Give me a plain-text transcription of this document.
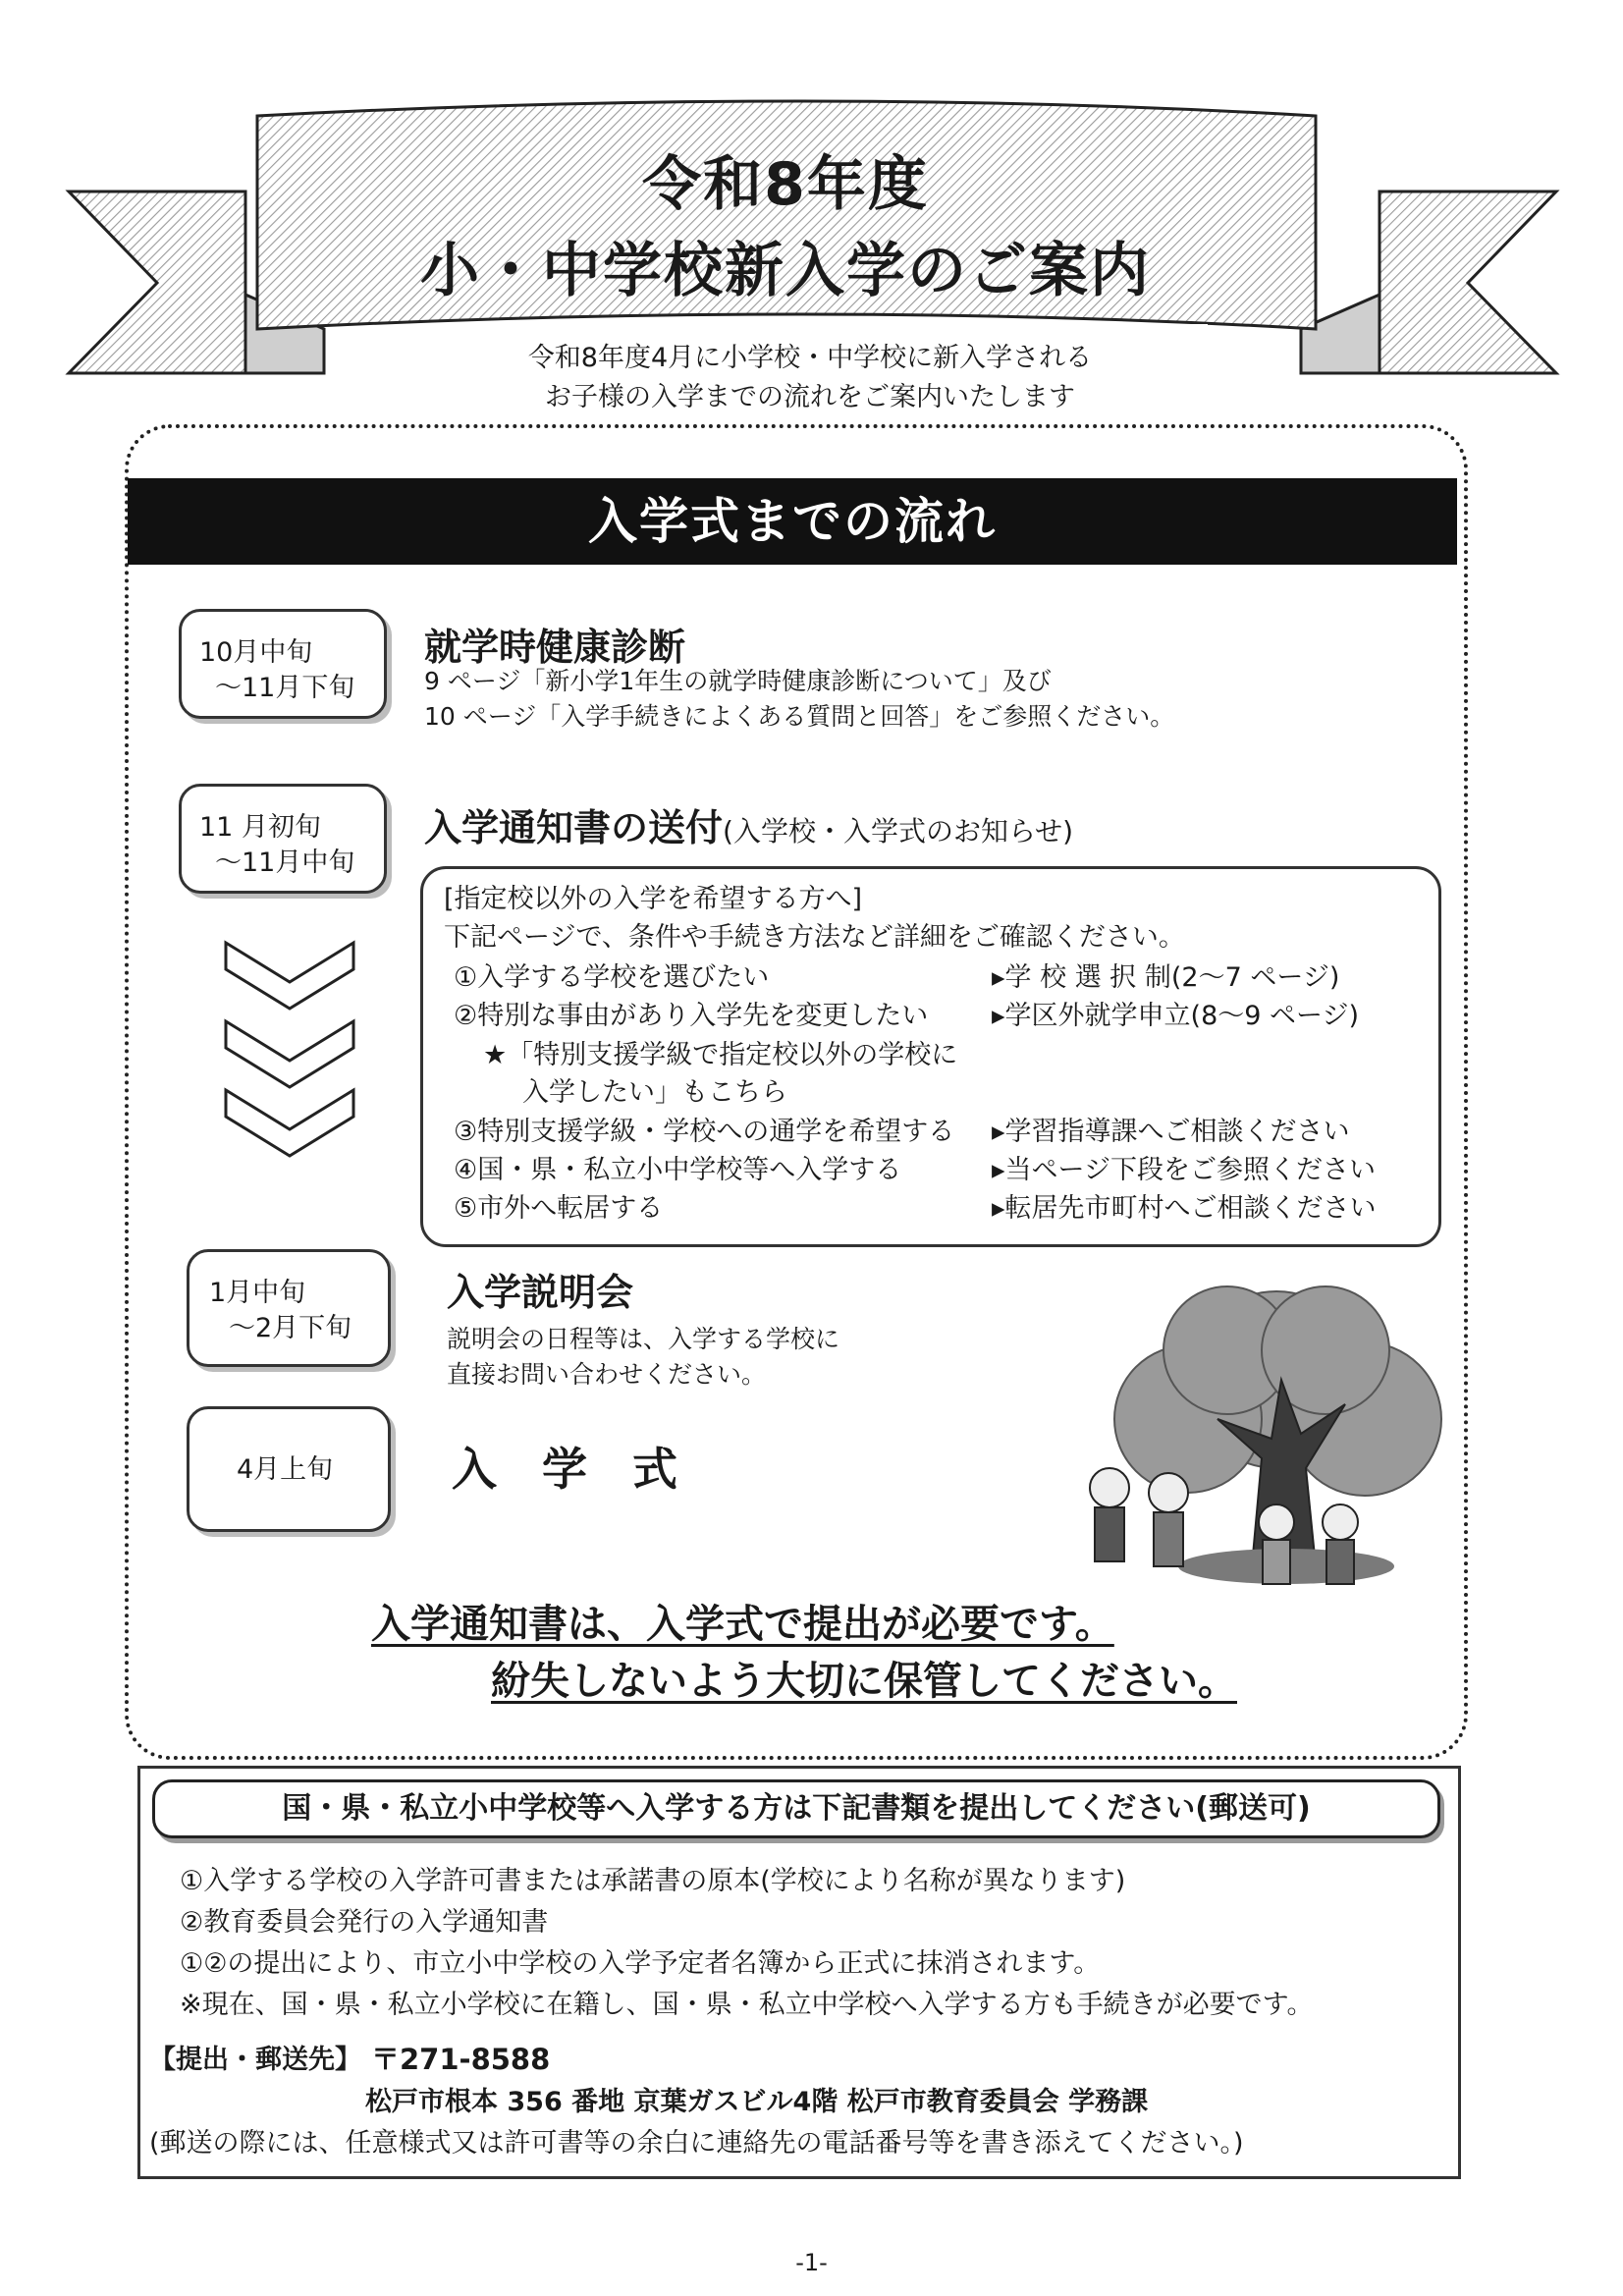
令和8年度
小・中学校新入学のご案内
令和8年度4月に小学校・中学校に新入学される
お子様の入学までの流れをご案内いたします
入学式までの流れ
10月中旬
～11月下旬
就学時健康診断
9 ページ「新小学1年生の就学時健康診断について」及び
10 ページ「入学手続きによくある質問と回答」をご参照ください。
11 月初旬
～11月中旬
入学通知書の送付(入学校・入学式のお知らせ)
[指定校以外の入学を希望する方へ]
下記ページで、条件や手続き方法など詳細をご確認ください。
①入学する学校を選びたい	▸学 校 選 択 制(2～7 ページ)
②特別な事由があり入学先を変更したい ▸学区外就学申立(8～9 ページ)
★「特別支援学級で指定校以外の学校に
入学したい」もこちら
③特別支援学級・学校への通学を希望する ▸学習指導課へご相談ください
④国・県・私立小中学校等へ入学する	▸当ページ下段をご参照ください
⑤市外へ転居する	▸転居先市町村へご相談ください
1月中旬
～2月下旬
入学説明会
説明会の日程等は、入学する学校に
直接お問い合わせください。
4月上旬	入　学　式
入学通知書は、入学式で提出が必要です。
紛失しないよう大切に保管してください。
国・県・私立小中学校等へ入学する方は下記書類を提出してください(郵送可)
①入学する学校の入学許可書または承諾書の原本(学校により名称が異なります)
②教育委員会発行の入学通知書
①②の提出により、市立小中学校の入学予定者名簿から正式に抹消されます。
※現在、国・県・私立小学校に在籍し、国・県・私立中学校へ入学する方も手続きが必要です。
【提出・郵送先】 〒271-8588
松戸市根本 356 番地 京葉ガスビル4階 松戸市教育委員会 学務課
(郵送の際には、任意様式又は許可書等の余白に連絡先の電話番号等を書き添えてください。)
-1-
